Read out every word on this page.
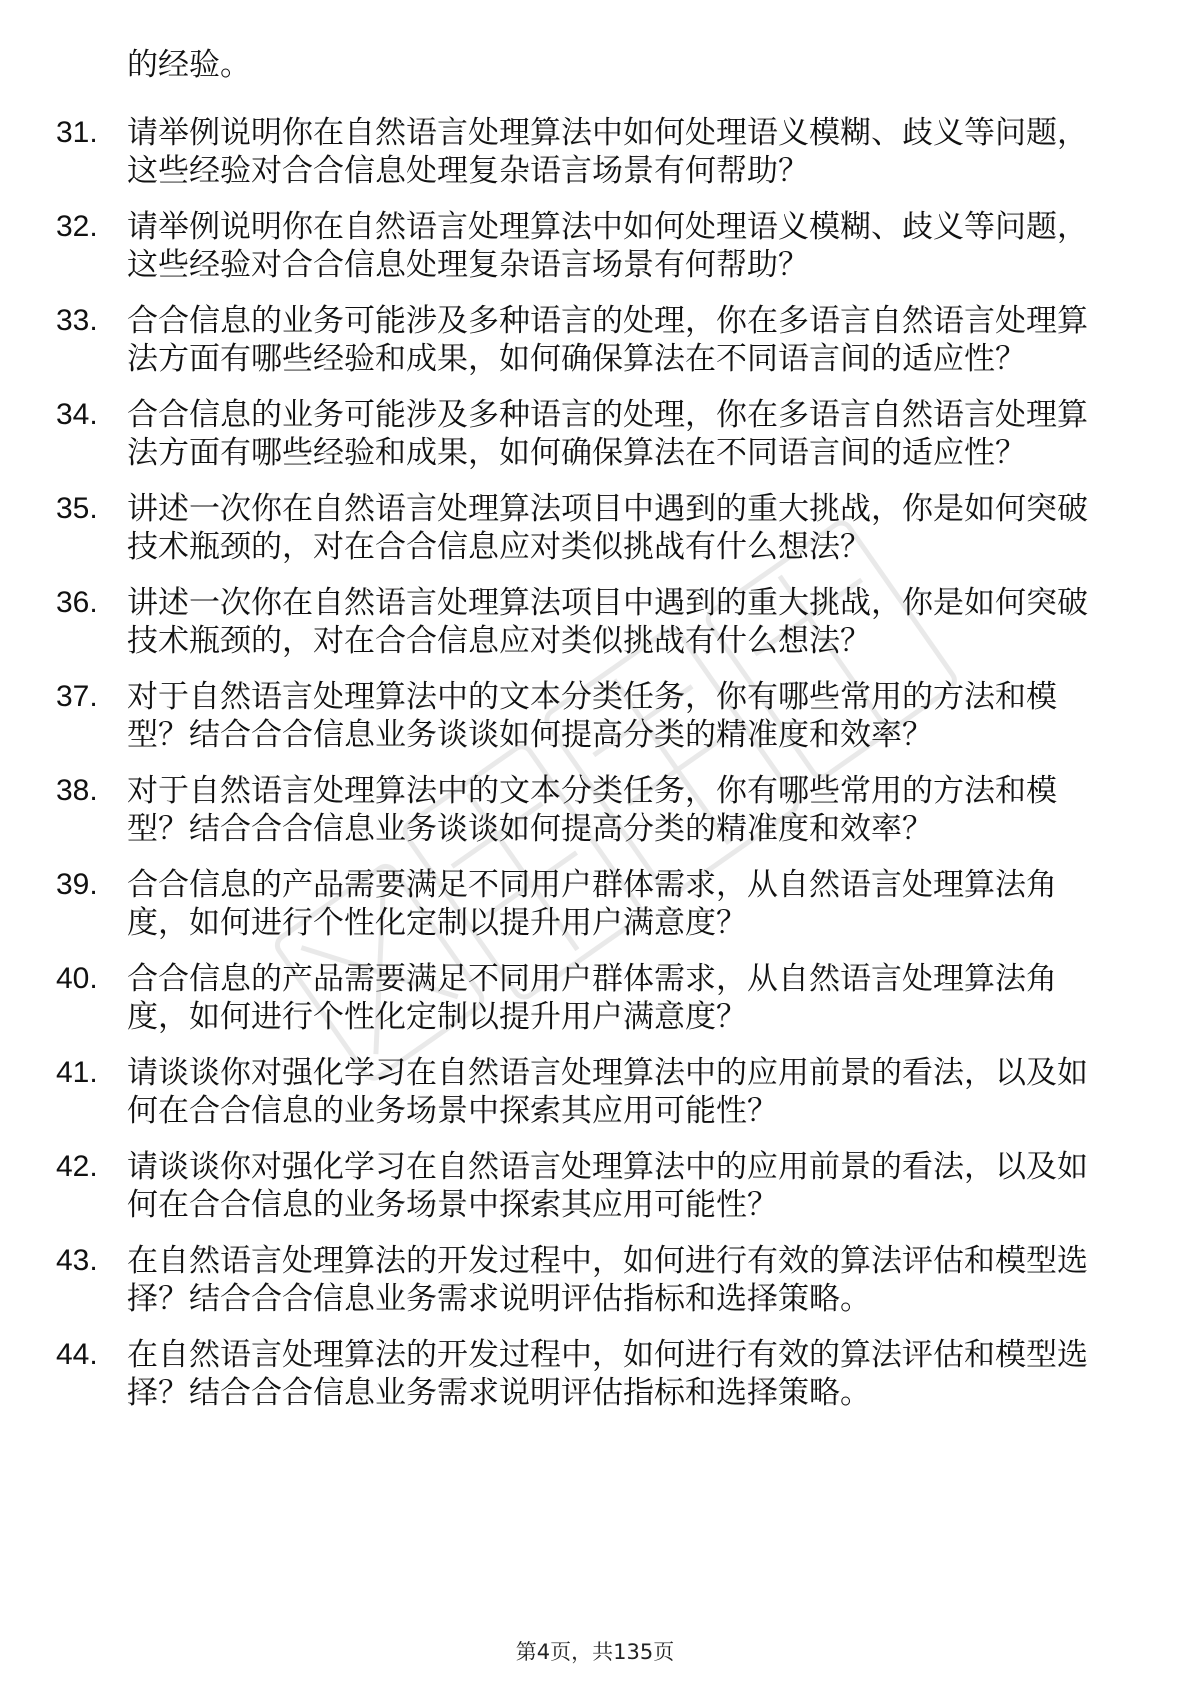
的经验。

31. 请举例说明你在自然语言处理算法中如何处理语义模糊、歧义等问题，这些经验对合合信息处理复杂语言场景有何帮助？
32. 请举例说明你在自然语言处理算法中如何处理语义模糊、歧义等问题，这些经验对合合信息处理复杂语言场景有何帮助？
33. 合合信息的业务可能涉及多种语言的处理，你在多语言自然语言处理算法方面有哪些经验和成果，如何确保算法在不同语言间的适应性？
34. 合合信息的业务可能涉及多种语言的处理，你在多语言自然语言处理算法方面有哪些经验和成果，如何确保算法在不同语言间的适应性？
35. 讲述一次你在自然语言处理算法项目中遇到的重大挑战，你是如何突破技术瓶颈的，对在合合信息应对类似挑战有什么想法？
36. 讲述一次你在自然语言处理算法项目中遇到的重大挑战，你是如何突破技术瓶颈的，对在合合信息应对类似挑战有什么想法？
37. 对于自然语言处理算法中的文本分类任务，你有哪些常用的方法和模型？结合合合信息业务谈谈如何提高分类的精准度和效率？
38. 对于自然语言处理算法中的文本分类任务，你有哪些常用的方法和模型？结合合合信息业务谈谈如何提高分类的精准度和效率？
39. 合合信息的产品需要满足不同用户群体需求，从自然语言处理算法角度，如何进行个性化定制以提升用户满意度？
40. 合合信息的产品需要满足不同用户群体需求，从自然语言处理算法角度，如何进行个性化定制以提升用户满意度？
41. 请谈谈你对强化学习在自然语言处理算法中的应用前景的看法，以及如何在合合信息的业务场景中探索其应用可能性？
42. 请谈谈你对强化学习在自然语言处理算法中的应用前景的看法，以及如何在合合信息的业务场景中探索其应用可能性？
43. 在自然语言处理算法的开发过程中，如何进行有效的算法评估和模型选择？结合合合信息业务需求说明评估指标和选择策略。
44. 在自然语言处理算法的开发过程中，如何进行有效的算法评估和模型选择？结合合合信息业务需求说明评估指标和选择策略。
第4页，共135页
